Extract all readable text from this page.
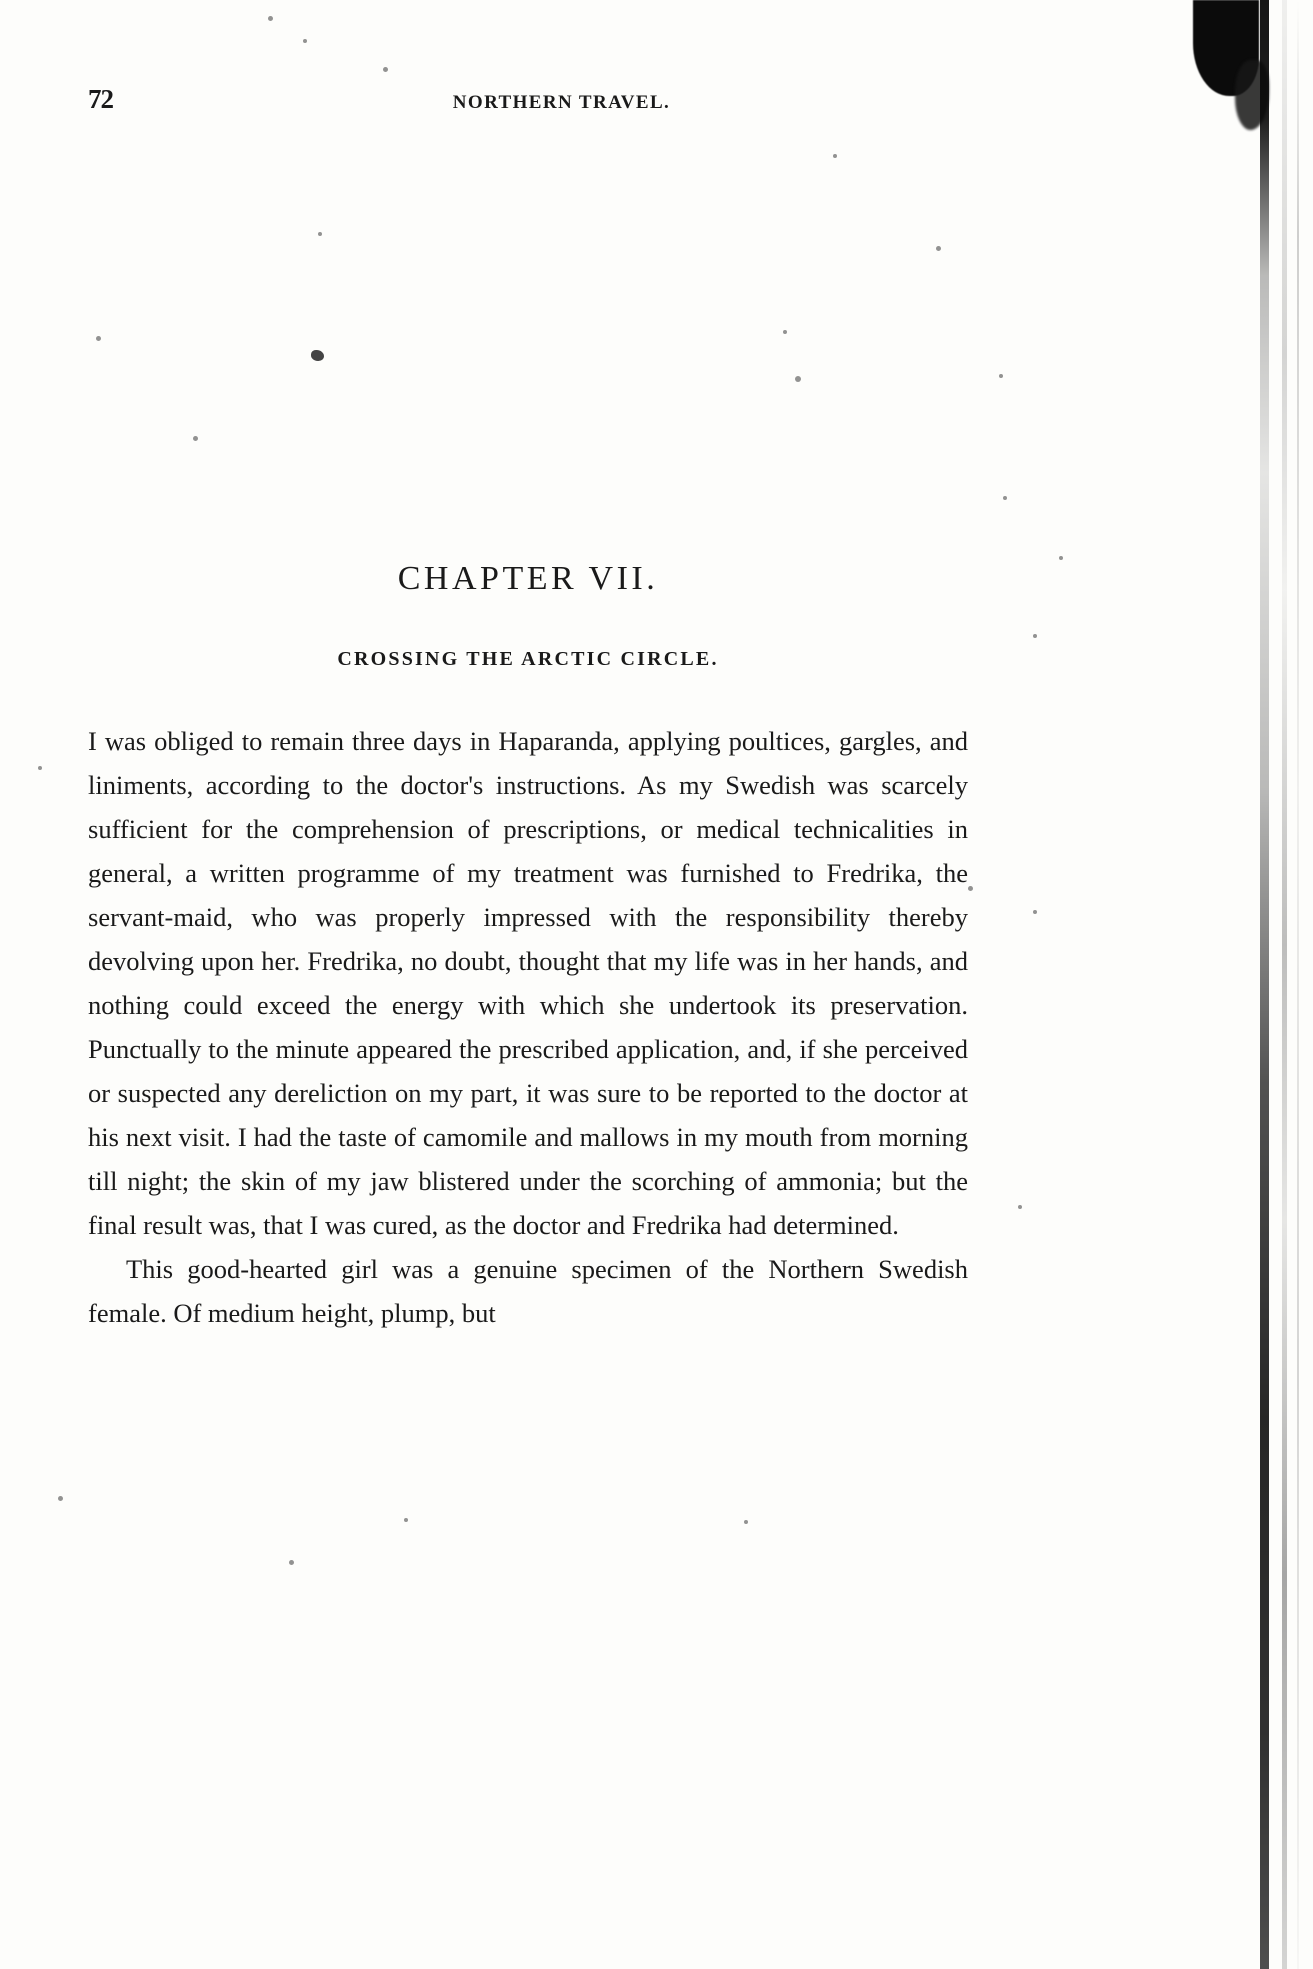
72	NORTHERN TRAVEL.
CHAPTER VII.
CROSSING THE ARCTIC CIRCLE.

I was obliged to remain three days in Haparanda, applying poultices, gargles, and liniments, according to the doctor's instructions. As my Swedish was scarcely sufficient for the comprehension of prescriptions, or medical technicalities in general, a written programme of my treatment was furnished to Fredrika, the servant-maid, who was properly impressed with the responsibility thereby devolving upon her. Fredrika, no doubt, thought that my life was in her hands, and nothing could exceed the energy with which she undertook its preservation. Punctually to the minute appeared the prescribed application, and, if she perceived or suspected any dereliction on my part, it was sure to be reported to the doctor at his next visit. I had the taste of camomile and mallows in my mouth from morning till night; the skin of my jaw blistered under the scorching of ammonia; but the final result was, that I was cured, as the doctor and Fredrika had determined.

This good-hearted girl was a genuine specimen of the Northern Swedish female. Of medium height, plump, but
